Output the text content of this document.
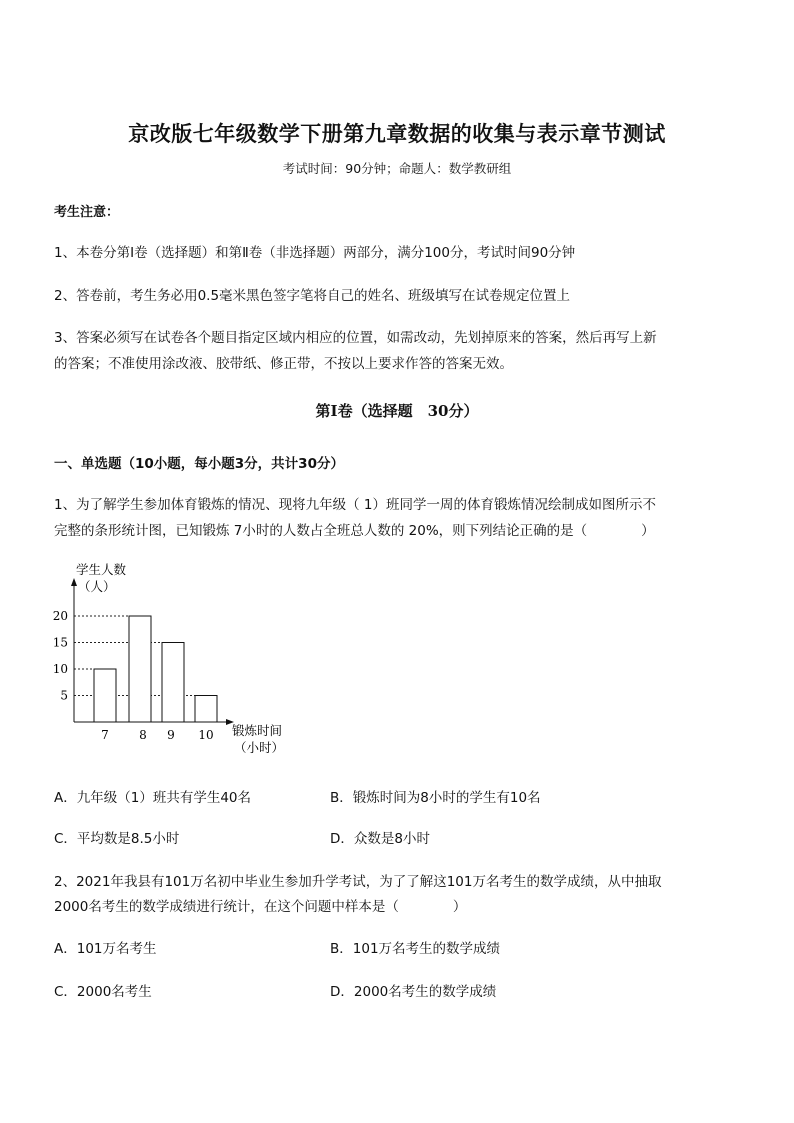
京改版七年级数学下册第九章数据的收集与表示章节测试
考试时间：90分钟；命题人：数学教研组
考生注意：
1、本卷分第Ⅰ卷（选择题）和第Ⅱ卷（非选择题）两部分，满分100分，考试时间90分钟
2、答卷前，考生务必用0.5毫米黑色签字笔将自己的姓名、班级填写在试卷规定位置上
3、答案必须写在试卷各个题目指定区域内相应的位置，如需改动，先划掉原来的答案，然后再写上新
的答案；不准使用涂改液、胶带纸、修正带，不按以上要求作答的答案无效。
第Ⅰ卷（选择题　30分）
一、单选题（10小题，每小题3分，共计30分）
1、为了解学生参加体育锻炼的情况、现将九年级（ 1）班同学一周的体育锻炼情况绘制成如图所示不
完整的条形统计图，已知锻炼 7小时的人数占全班总人数的 20%，则下列结论正确的是（　　　　）
学生人数
（人）
5
10
15
20
7	8 9 10 锻炼时间
（小时）
A．九年级（1）班共有学生40名	B．锻炼时间为8小时的学生有10名
C．平均数是8.5小时	D．众数是8小时
2、2021年我县有101万名初中毕业生参加升学考试，为了了解这101万名考生的数学成绩，从中抽取
2000名考生的数学成绩进行统计，在这个问题中样本是（　　　　）
A．101万名考生	B．101万名考生的数学成绩
C．2000名考生	D．2000名考生的数学成绩
